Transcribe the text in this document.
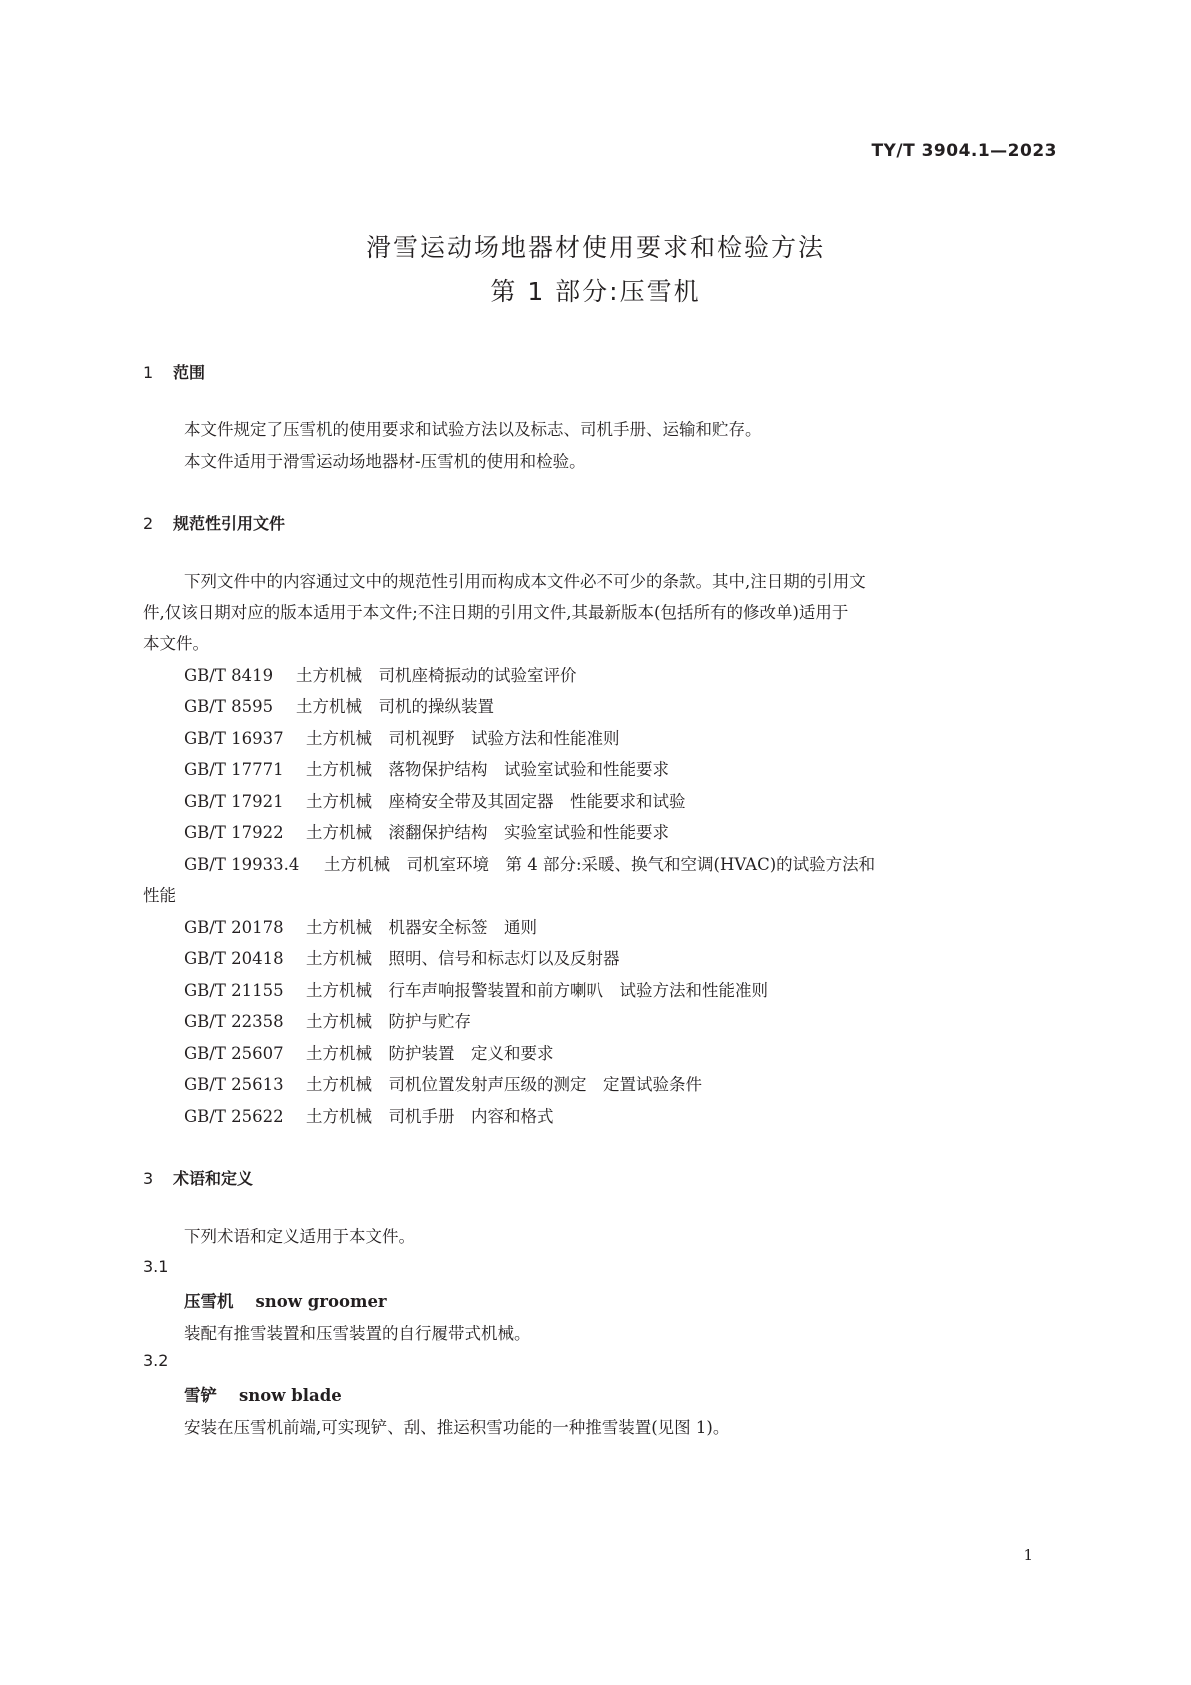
TY/T 3904.1—2023
滑雪运动场地器材使用要求和检验方法
第 1 部分:压雪机
1 范围
本文件规定了压雪机的使用要求和试验方法以及标志、司机手册、运输和贮存。
本文件适用于滑雪运动场地器材-压雪机的使用和检验。
2 规范性引用文件
下列文件中的内容通过文中的规范性引用而构成本文件必不可少的条款。其中,注日期的引用文
件,仅该日期对应的版本适用于本文件;不注日期的引用文件,其最新版本(包括所有的修改单)适用于
本文件。
GB/T 8419 土方机械　司机座椅振动的试验室评价
GB/T 8595 土方机械　司机的操纵装置
GB/T 16937 土方机械　司机视野　试验方法和性能准则
GB/T 17771 土方机械　落物保护结构　试验室试验和性能要求
GB/T 17921 土方机械　座椅安全带及其固定器　性能要求和试验
GB/T 17922 土方机械　滚翻保护结构　实验室试验和性能要求
GB/T 19933.4 土方机械　司机室环境　第 4 部分:采暖、换气和空调(HVAC)的试验方法和
性能
GB/T 20178 土方机械　机器安全标签　通则
GB/T 20418 土方机械　照明、信号和标志灯以及反射器
GB/T 21155 土方机械　行车声响报警装置和前方喇叭　试验方法和性能准则
GB/T 22358 土方机械　防护与贮存
GB/T 25607 土方机械　防护装置　定义和要求
GB/T 25613 土方机械　司机位置发射声压级的测定　定置试验条件
GB/T 25622 土方机械　司机手册　内容和格式
3 术语和定义
下列术语和定义适用于本文件。
3.1
压雪机 snow groomer
装配有推雪装置和压雪装置的自行履带式机械。
3.2
雪铲 snow blade
安装在压雪机前端,可实现铲、刮、推运积雪功能的一种推雪装置(见图 1)。
1
